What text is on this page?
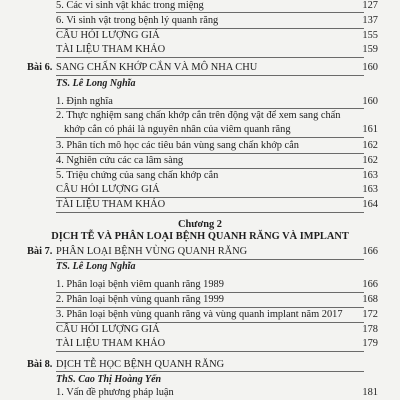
5. Các vi sinh vật khác trong miệng	127
6. Vi sinh vật trong bệnh lý quanh răng	137
CÂU HỎI LƯỢNG GIÁ	155
TÀI LIỆU THAM KHẢO	159
Bài 6. SANG CHẤN KHỚP CẮN VÀ MÔ NHA CHU	160
TS. Lê Long Nghĩa
1. Định nghĩa	160
2. Thực nghiệm sang chấn khớp cắn trên động vật để xem sang chấn
khớp cắn có phải là nguyên nhân của viêm quanh răng	161
3. Phân tích mô học các tiêu bản vùng sang chấn khớp cắn	162
4. Nghiên cứu các ca lâm sàng	162
5. Triệu chứng của sang chấn khớp cắn	163
CÂU HỎI LƯỢNG GIÁ	163
TÀI LIỆU THAM KHẢO	164
Chương 2
DỊCH TỄ VÀ PHÂN LOẠI BỆNH QUANH RĂNG VÀ IMPLANT
Bài 7. PHÂN LOẠI BỆNH VÙNG QUANH RĂNG	166
TS. Lê Long Nghĩa
1. Phân loại bệnh viêm quanh răng 1989	166
2. Phân loại bệnh vùng quanh răng 1999	168
3. Phân loại bệnh vùng quanh răng và vùng quanh implant năm 2017 172
CÂU HỎI LƯỢNG GIÁ	178
TÀI LIỆU THAM KHẢO	179
Bài 8. DỊCH TỄ HỌC BỆNH QUANH RĂNG
ThS. Cao Thị Hoàng Yến
1. Vấn đề phương pháp luận	181
